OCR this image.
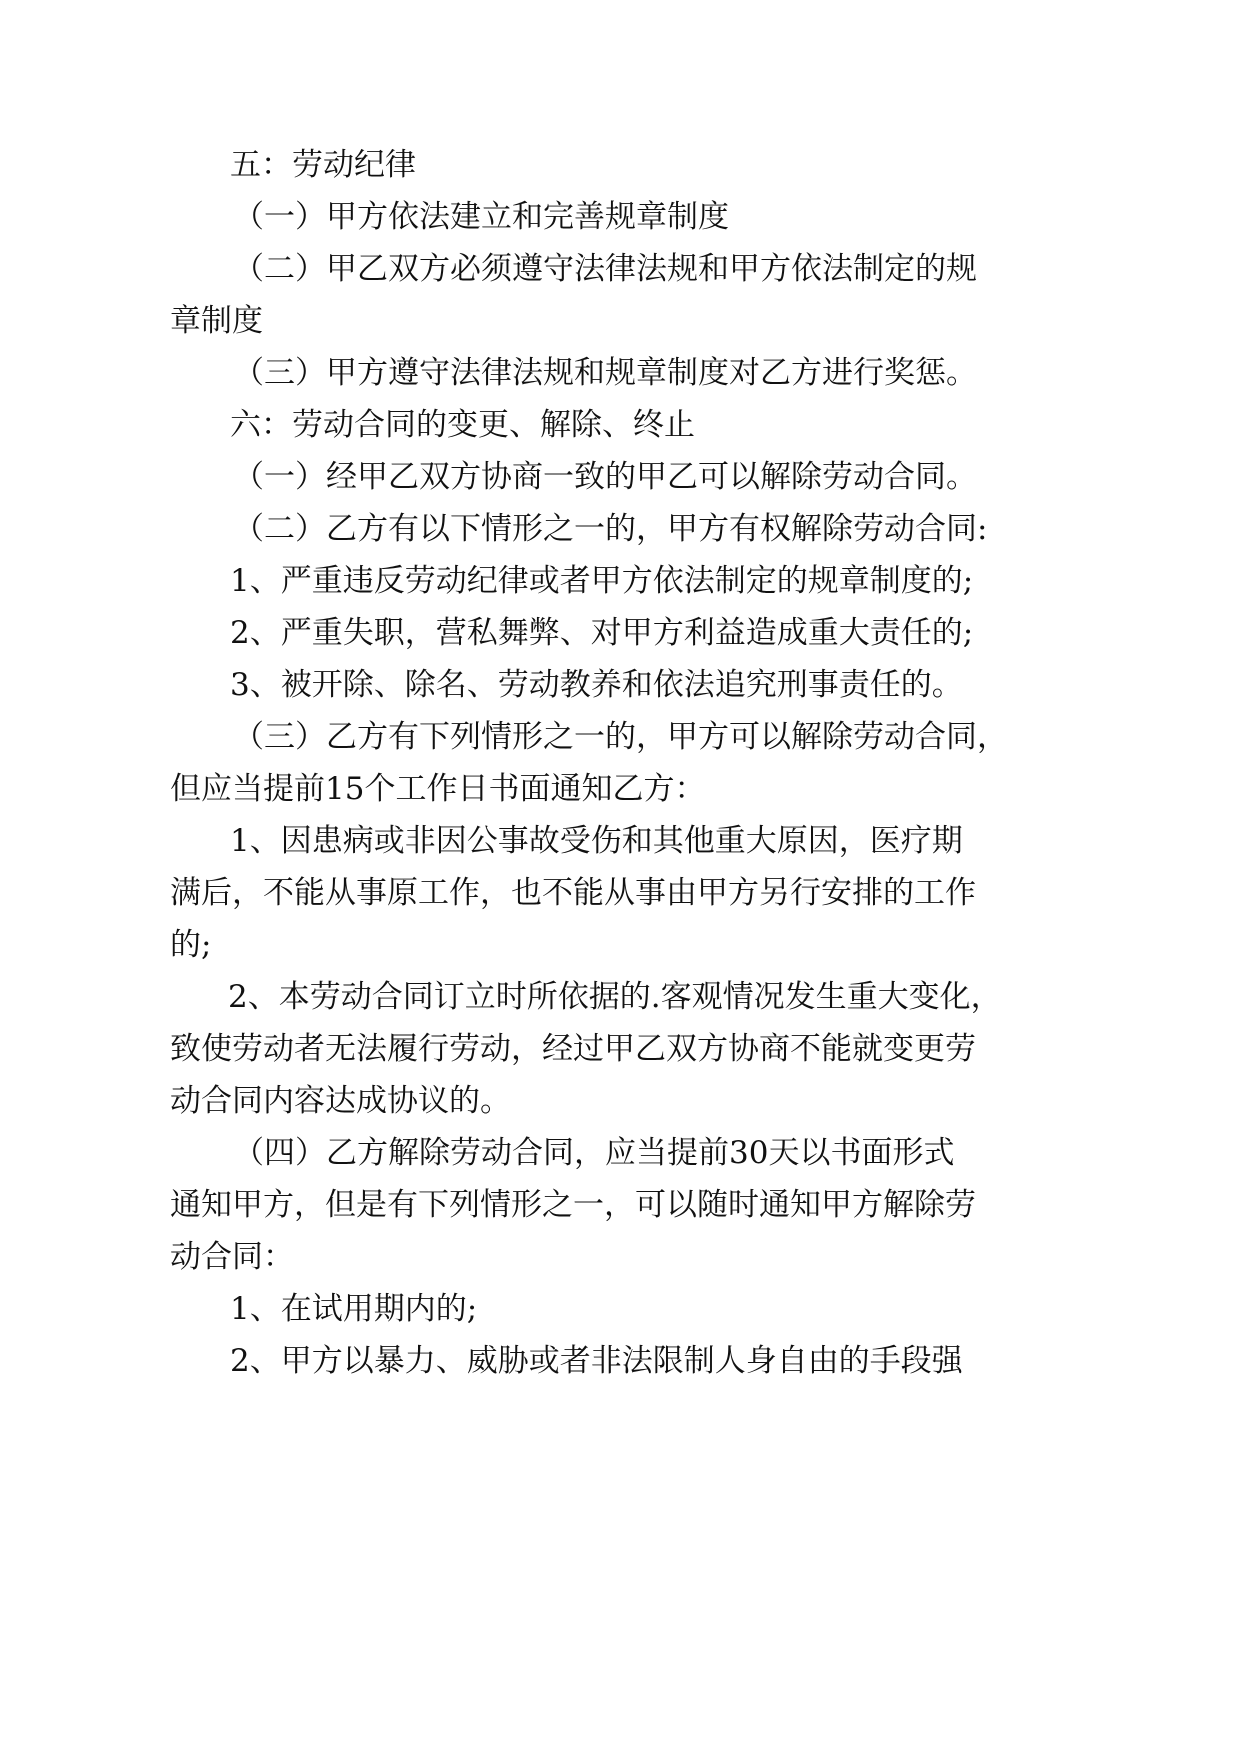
五：劳动纪律

（一）甲方依法建立和完善规章制度

（二）甲乙双方必须遵守法律法规和甲方依法制定的规

章制度

（三）甲方遵守法律法规和规章制度对乙方进行奖惩。

六：劳动合同的变更、解除、终止

（一）经甲乙双方协商一致的甲乙可以解除劳动合同。

（二）乙方有以下情形之一的，甲方有权解除劳动合同:

1、严重违反劳动纪律或者甲方依法制定的规章制度的;

2、严重失职，营私舞弊、对甲方利益造成重大责任的;

3、被开除、除名、劳动教养和依法追究刑事责任的。

（三）乙方有下列情形之一的，甲方可以解除劳动合同，

但应当提前15个工作日书面通知乙方：

1、因患病或非因公事故受伤和其他重大原因，医疗期

满后，不能从事原工作，也不能从事由甲方另行安排的工作

的;

2、本劳动合同订立时所依据的.客观情况发生重大变化，

致使劳动者无法履行劳动，经过甲乙双方协商不能就变更劳

动合同内容达成协议的。

（四）乙方解除劳动合同，应当提前30天以书面形式

通知甲方，但是有下列情形之一，可以随时通知甲方解除劳

动合同：

1、在试用期内的;

2、甲方以暴力、威胁或者非法限制人身自由的手段强
